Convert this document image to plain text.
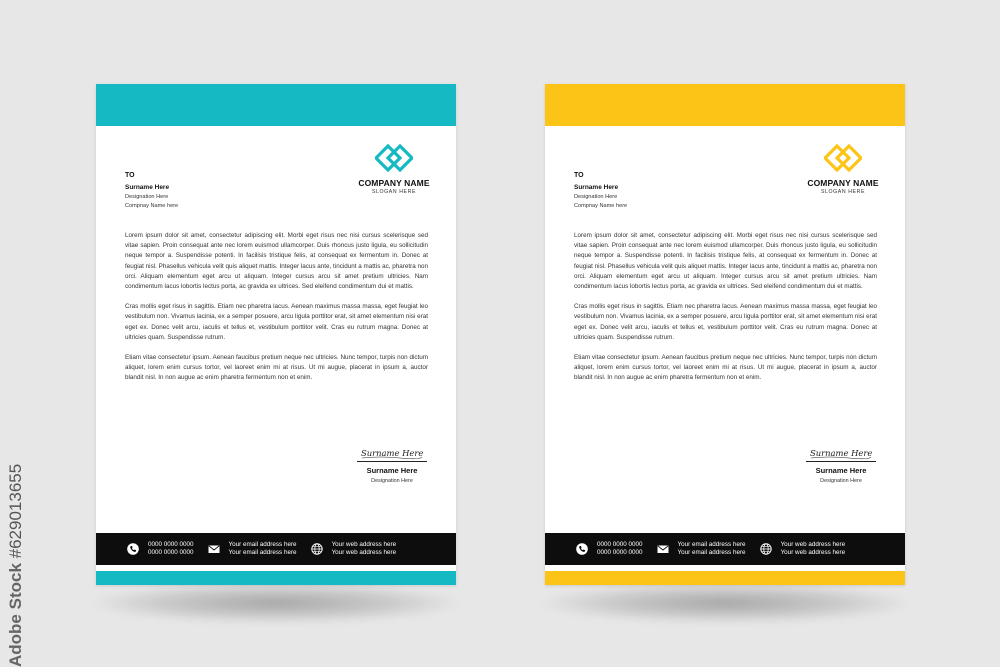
COMPANY NAME
SLOGAN HERE
TO
Surname Here
Designation Here
Compnay Name here

Lorem ipsum dolor sit amet, consectetur adipiscing elit. Morbi eget risus nec nisi cursus scelerisque sed vitae sapien. Proin consequat ante nec lorem euismod ullamcorper. Duis rhoncus justo ligula, eu sollicitudin neque tempor a. Suspendisse potenti. In facilisis tristique felis, at consequat ex fermentum in. Donec at feugiat nisl. Phasellus vehicula velit quis aliquet mattis. Integer lacus ante, tincidunt a mattis ac, pharetra non orci. Aliquam elementum eget arcu ut aliquam. Integer cursus arcu sit amet pretium ultricies. Nam condimentum lacus lobortis lectus porta, ac gravida ex ultrices. Sed eleifend condimentum dui et mattis.

Cras mollis eget risus in sagittis. Etiam nec pharetra lacus. Aenean maximus massa massa, eget feugiat leo vestibulum non. Vivamus lacinia, ex a semper posuere, arcu ligula porttitor erat, sit amet elementum nisi erat eget ex. Donec velit arcu, iaculis et tellus et, vestibulum porttitor velit. Cras eu rutrum magna. Donec at ultricies quam. Suspendisse rutrum.

Etiam vitae consectetur ipsum. Aenean faucibus pretium neque nec ultricies. Nunc tempor, turpis non dictum aliquet, lorem enim cursus tortor, vel laoreet enim mi at risus. Ut mi augue, placerat in ipsum a, auctor blandit nisl. In non augue ac enim pharetra fermentum non et enim.

Surname Here
Surname Here
Designation Here
0000 0000 0000
0000 0000 0000
Your email address here
Your email address here
Your web address here
Your web address here
COMPANY NAME
SLOGAN HERE
TO
Surname Here
Designation Here
Compnay Name here

Lorem ipsum dolor sit amet, consectetur adipiscing elit. Morbi eget risus nec nisi cursus scelerisque sed vitae sapien. Proin consequat ante nec lorem euismod ullamcorper. Duis rhoncus justo ligula, eu sollicitudin neque tempor a. Suspendisse potenti. In facilisis tristique felis, at consequat ex fermentum in. Donec at feugiat nisl. Phasellus vehicula velit quis aliquet mattis. Integer lacus ante, tincidunt a mattis ac, pharetra non orci. Aliquam elementum eget arcu ut aliquam. Integer cursus arcu sit amet pretium ultricies. Nam condimentum lacus lobortis lectus porta, ac gravida ex ultrices. Sed eleifend condimentum dui et mattis.

Cras mollis eget risus in sagittis. Etiam nec pharetra lacus. Aenean maximus massa massa, eget feugiat leo vestibulum non. Vivamus lacinia, ex a semper posuere, arcu ligula porttitor erat, sit amet elementum nisi erat eget ex. Donec velit arcu, iaculis et tellus et, vestibulum porttitor velit. Cras eu rutrum magna. Donec at ultricies quam. Suspendisse rutrum.

Etiam vitae consectetur ipsum. Aenean faucibus pretium neque nec ultricies. Nunc tempor, turpis non dictum aliquet, lorem enim cursus tortor, vel laoreet enim mi at risus. Ut mi augue, placerat in ipsum a, auctor blandit nisl. In non augue ac enim pharetra fermentum non et enim.

Surname Here
Surname Here
Designation Here
0000 0000 0000
0000 0000 0000
Your email address here
Your email address here
Your web address here
Your web address here
Adobe Stock #629013655
